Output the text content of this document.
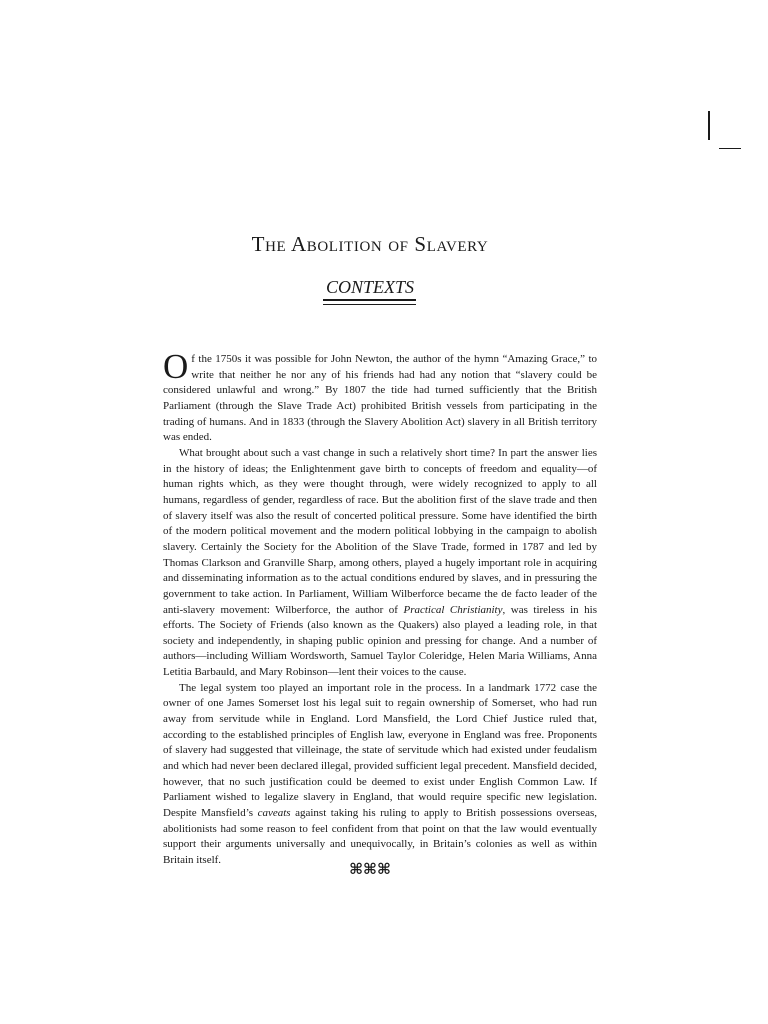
The Abolition of Slavery
CONTEXTS

Of the 1750s it was possible for John Newton, the author of the hymn “Amazing Grace,” to write that neither he nor any of his friends had had any notion that “slavery could be considered unlawful and wrong.” By 1807 the tide had turned sufficiently that the British Parliament (through the Slave Trade Act) prohibited British vessels from participating in the trading of humans. And in 1833 (through the Slavery Abolition Act) slavery in all British territory was ended.

What brought about such a vast change in such a relatively short time? In part the answer lies in the history of ideas; the Enlightenment gave birth to concepts of freedom and equality—of human rights which, as they were thought through, were widely recognized to apply to all humans, regardless of gender, regardless of race. But the abolition first of the slave trade and then of slavery itself was also the result of concerted political pressure. Some have identified the birth of the modern political movement and the modern political lobbying in the campaign to abolish slavery. Certainly the Society for the Abolition of the Slave Trade, formed in 1787 and led by Thomas Clarkson and Granville Sharp, among others, played a hugely important role in acquiring and disseminating information as to the actual conditions endured by slaves, and in pressuring the government to take action. In Parliament, William Wilberforce became the de facto leader of the anti-slavery movement: Wilberforce, the author of Practical Christianity, was tireless in his efforts. The Society of Friends (also known as the Quakers) also played a leading role, in that society and independently, in shaping public opinion and pressing for change. And a number of authors—including William Wordsworth, Samuel Taylor Coleridge, Helen Maria Williams, Anna Letitia Barbauld, and Mary Robinson—lent their voices to the cause.

The legal system too played an important role in the process. In a landmark 1772 case the owner of one James Somerset lost his legal suit to regain ownership of Somerset, who had run away from servitude while in England. Lord Mansfield, the Lord Chief Justice ruled that, according to the established principles of English law, everyone in England was free. Proponents of slavery had suggested that villeinage, the state of servitude which had existed under feudalism and which had never been declared illegal, provided sufficient legal precedent. Mansfield decided, however, that no such justification could be deemed to exist under English Common Law. If Parliament wished to legalize slavery in England, that would require specific new legislation. Despite Mansfield’s caveats against taking his ruling to apply to British possessions overseas, abolitionists had some reason to feel confident from that point on that the law would eventually support their arguments universally and unequivocally, in Britain’s colonies as well as within Britain itself.	⌘⌘⌘
